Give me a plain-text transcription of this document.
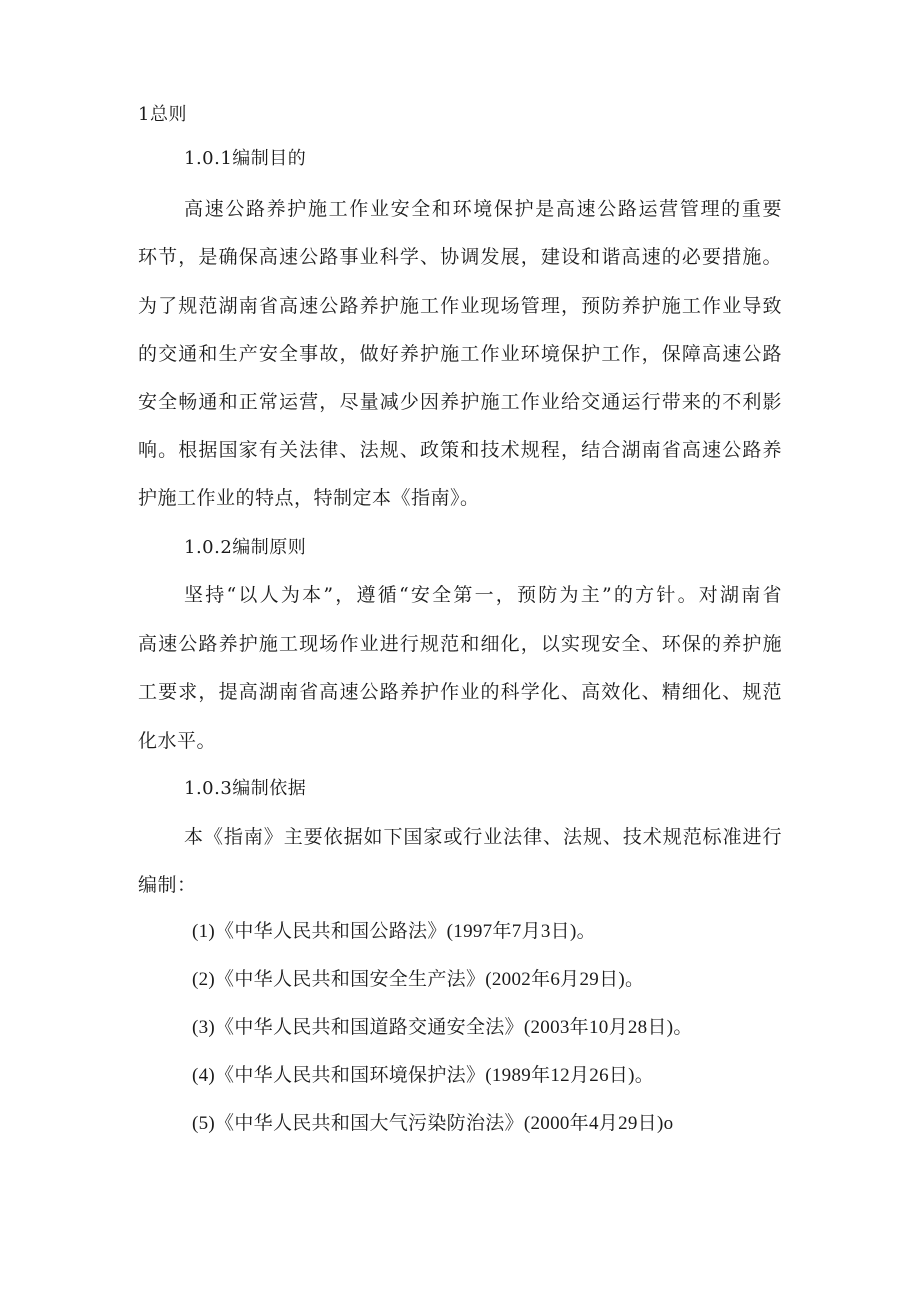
1总则
1.0.1编制目的
高速公路养护施工作业安全和环境保护是高速公路运营管理的重要
环节，是确保高速公路事业科学、协调发展，建设和谐高速的必要措施。
为了规范湖南省高速公路养护施工作业现场管理，预防养护施工作业导致
的交通和生产安全事故，做好养护施工作业环境保护工作，保障高速公路
安全畅通和正常运营，尽量减少因养护施工作业给交通运行带来的不利影
响。根据国家有关法律、法规、政策和技术规程，结合湖南省高速公路养
护施工作业的特点，特制定本《指南》。
1.0.2编制原则
坚持“以人为本”，遵循“安全第一，预防为主”的方针。对湖南省
高速公路养护施工现场作业进行规范和细化，以实现安全、环保的养护施
工要求，提高湖南省高速公路养护作业的科学化、高效化、精细化、规范
化水平。
1.0.3编制依据
本《指南》主要依据如下国家或行业法律、法规、技术规范标准进行
编制：
(1)《中华人民共和国公路法》(1997年7月3日)。
(2)《中华人民共和国安全生产法》(2002年6月29日)。
(3)《中华人民共和国道路交通安全法》(2003年10月28日)。
(4)《中华人民共和国环境保护法》(1989年12月26日)。
(5)《中华人民共和国大气污染防治法》(2000年4月29日)o
